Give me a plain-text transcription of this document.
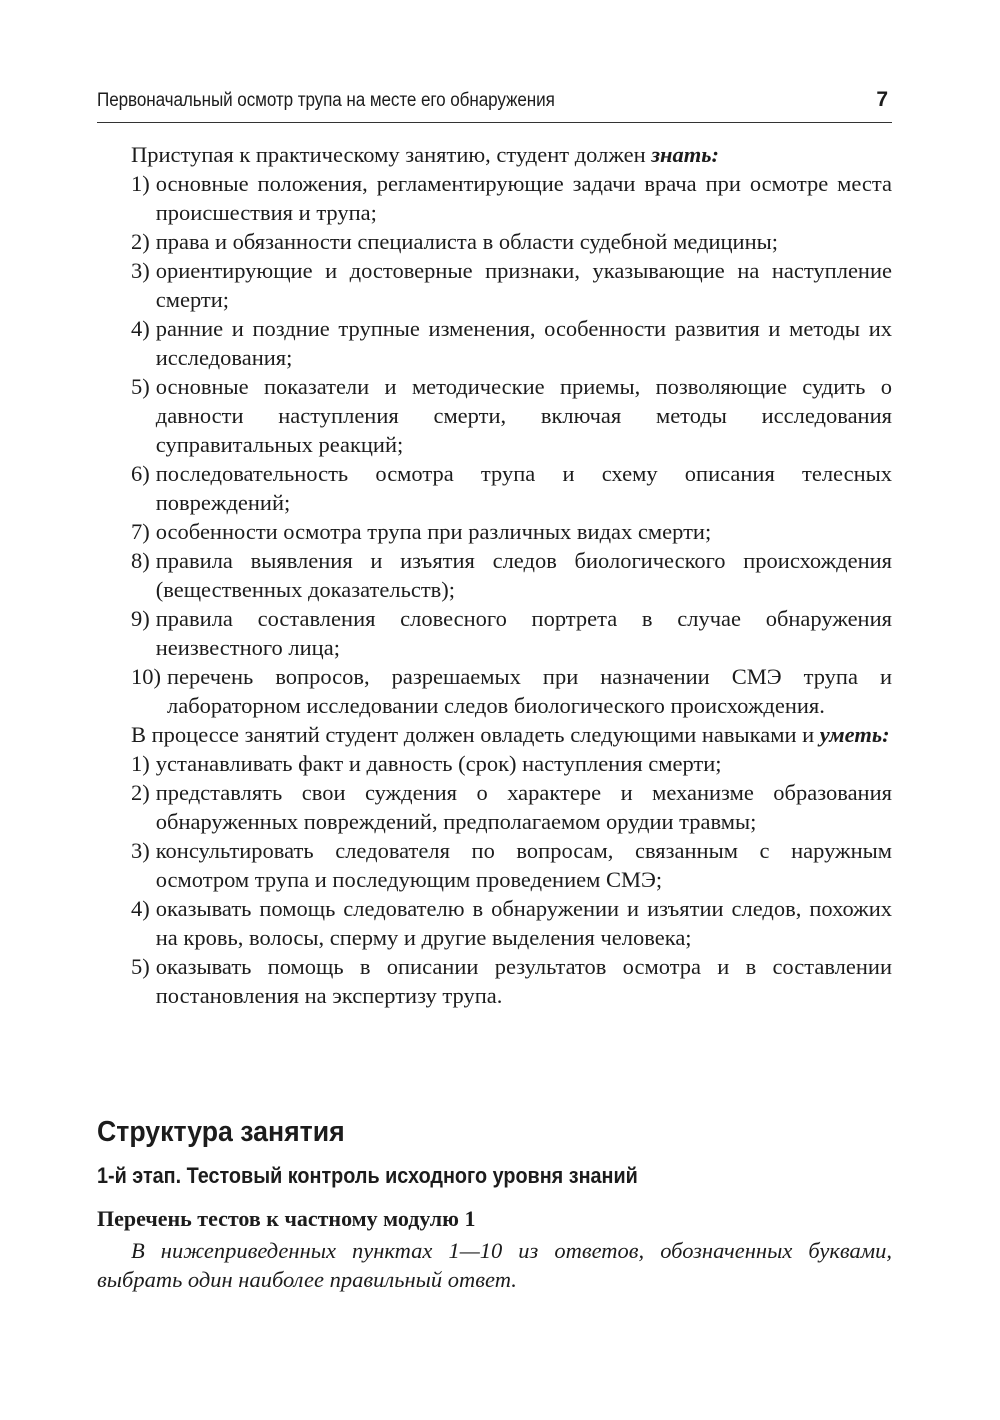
Первоначальный осмотр трупа на месте его обнаружения	7

Приступая к практическому занятию, студент должен знать:

1) основные положения, регламентирующие задачи врача при осмотре места происшествия и трупа;
2) права и обязанности специалиста в области судебной медицины;
3) ориентирующие и достоверные признаки, указывающие на наступление смерти;
4) ранние и поздние трупные изменения, особенности развития и методы их исследования;
5) основные показатели и методические приемы, позволяющие судить о давности наступления смерти, включая методы исследования суправитальных реакций;
6) последовательность осмотра трупа и схему описания телесных повреждений;
7) особенности осмотра трупа при различных видах смерти;
8) правила выявления и изъятия следов биологического происхождения (вещественных доказательств);
9) правила составления словесного портрета в случае обнаружения неизвестного лица;
10) перечень вопросов, разрешаемых при назначении СМЭ трупа и лабораторном исследовании следов биологического происхождения.

В процессе занятий студент должен овладеть следующими навыками и уметь:

1) устанавливать факт и давность (срок) наступления смерти;
2) представлять свои суждения о характере и механизме образования обнаруженных повреждений, предполагаемом орудии травмы;
3) консультировать следователя по вопросам, связанным с наружным осмотром трупа и последующим проведением СМЭ;
4) оказывать помощь следователю в обнаружении и изъятии следов, похожих на кровь, волосы, сперму и другие выделения человека;
5) оказывать помощь в описании результатов осмотра и в составлении постановления на экспертизу трупа.
Структура занятия
1-й этап. Тестовый контроль исходного уровня знаний
Перечень тестов к частному модулю 1

В нижеприведенных пунктах 1—10 из ответов, обозначенных буквами, выбрать один наиболее правильный ответ.
